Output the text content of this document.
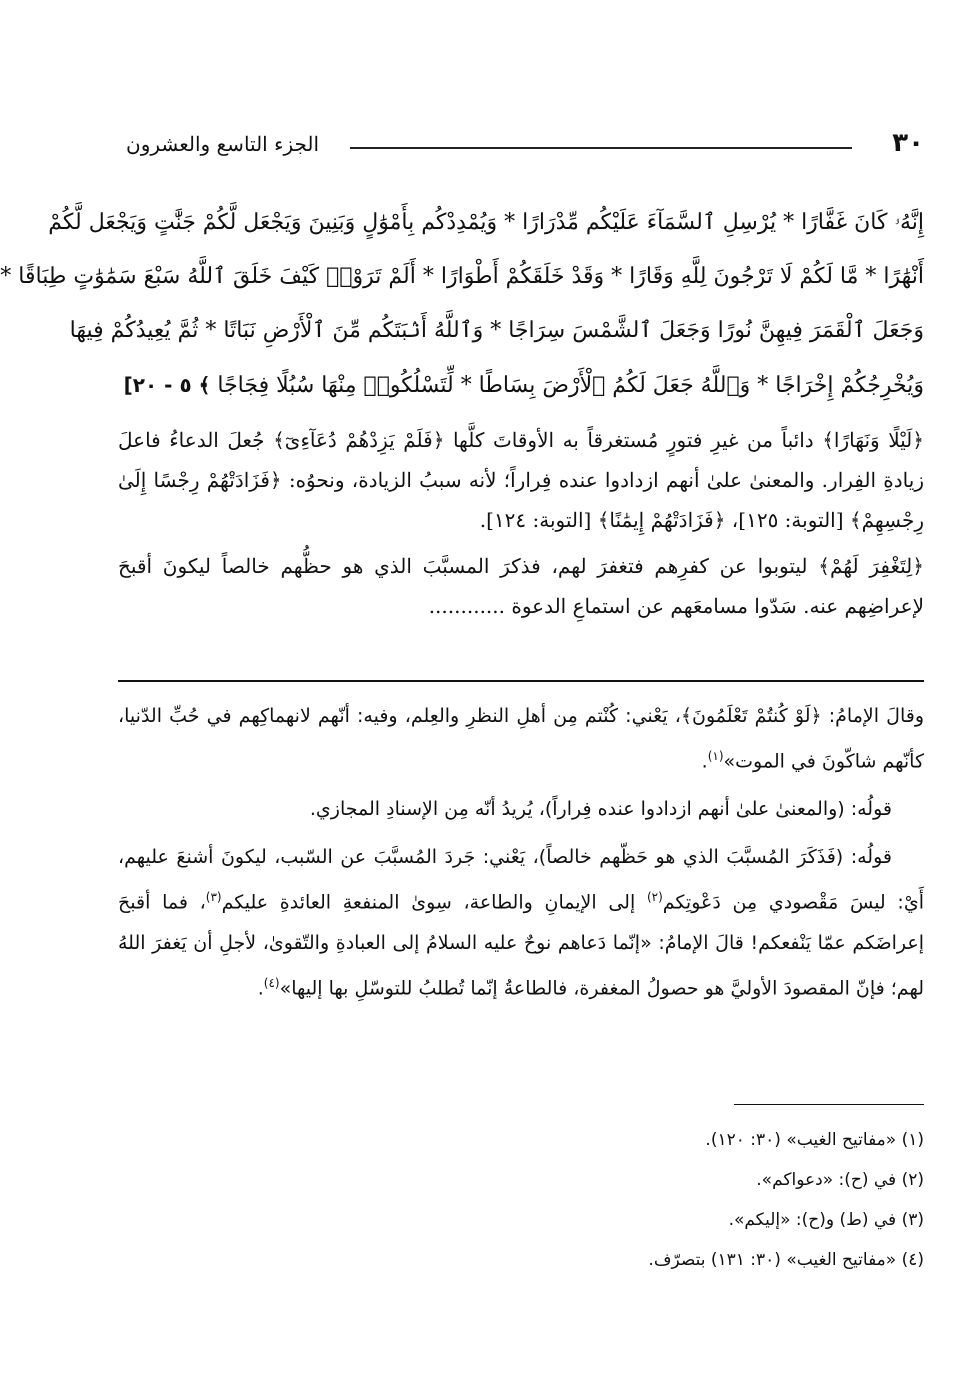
٣٠
الجزء التاسع والعشرون
إِنَّهُۥ كَانَ غَفَّارًا * يُرْسِلِ ٱلسَّمَآءَ عَلَيْكُم مِّدْرَارًا * وَيُمْدِدْكُم بِأَمْوَٰلٍ وَبَنِينَ وَيَجْعَل لَّكُمْ جَنَّٰتٍ وَيَجْعَل لَّكُمْ
أَنْهَٰرًا * مَّا لَكُمْ لَا تَرْجُونَ لِلَّهِ وَقَارًا * وَقَدْ خَلَقَكُمْ أَطْوَارًا * أَلَمْ تَرَوْا۟ كَيْفَ خَلَقَ ٱللَّهُ سَبْعَ سَمَٰوَٰتٍ طِبَاقًا *
وَجَعَلَ ٱلْقَمَرَ فِيهِنَّ نُورًا وَجَعَلَ ٱلشَّمْسَ سِرَاجًا * وَٱللَّهُ أَنۢبَتَكُم مِّنَ ٱلْأَرْضِ نَبَاتًا * ثُمَّ يُعِيدُكُمْ فِيهَا
وَيُخْرِجُكُمْ إِخْرَاجًا * وَٱللَّهُ جَعَلَ لَكُمُ ٱلْأَرْضَ بِسَاطًا * لِّتَسْلُكُوا۟ مِنْهَا سُبُلًا فِجَاجًا ﴾ ٥ - ٢٠]

﴿لَيْلًا وَنَهَارًا﴾ دائباً من غيرِ فتورٍ مُستغرقاً به الأوقاتَ كلَّها ﴿فَلَمْ يَزِدْهُمْ دُعَآءِىٓ﴾ جُعلَ الدعاءُ فاعلَ زيادةِ الفِرار. والمعنىٰ علىٰ أنهم ازدادوا عنده فِراراً؛ لأنه سببُ الزيادة، ونحوُه: ﴿فَزَادَتْهُمْ رِجْسًا إِلَىٰ رِجْسِهِمْ﴾ [التوبة: ١٢٥]، ﴿فَزَادَتْهُمْ إِيمَٰنًا﴾ [التوبة: ١٢٤].

﴿لِتَغْفِرَ لَهُمْ﴾ ليتوبوا عن كفرِهم فتغفرَ لهم، فذكرَ المسبَّبَ الذي هو حظُّهم خالصاً ليكونَ أقبحَ لإعراضِهم عنه. سَدّوا مسامعَهم عن استماعِ الدعوة ............

وقالَ الإمامُ: ﴿لَوْ كُنتُمْ تَعْلَمُونَ﴾، يَعْني: كُنْتم مِن أهلِ النظرِ والعِلم، وفيه: أنّهم لانهماكِهم في حُبِّ الدّنيا، كأنّهم شاكّونَ في الموت»$^{(١)}$.

قولُه: (والمعنىٰ علىٰ أنهم ازدادوا عنده فِراراً)، يُريدُ أنّه مِن الإسنادِ المجازي.

قولُه: (فَذَكَرَ المُسبَّبَ الذي هو حَظّهم خالصاً)، يَعْني: جَردَ المُسبَّبَ عن السّبب، ليكونَ أشنعَ عليهم، أَيْ: ليسَ مَقْصودي مِن دَعْوتِكم$^{(٢)}$ إلى الإيمانِ والطاعة، سِوىٰ المنفعةِ العائدةِ عليكم$^{(٣)}$، فما أقبحَ إعراضَكم عمّا يَنْفعكم! قالَ الإمامُ: «إنّما دَعاهم نوحٌ عليه السلامُ إلى العبادةِ والتّقوىٰ، لأجلِ أن يَغفرَ اللهُ لهم؛ فإنّ المقصودَ الأوليَّ هو حصولُ المغفرة، فالطاعةُ إنّما تُطلبُ للتوسّلِ بها إليها»$^{(٤)}$.

(١) «مفاتيح الغيب» (٣٠: ١٢٠).
(٢) في (ح): «دعواكم».
(٣) في (ط) و(ح): «إليكم».
(٤) «مفاتيح الغيب» (٣٠: ١٣١) بتصرّف.
